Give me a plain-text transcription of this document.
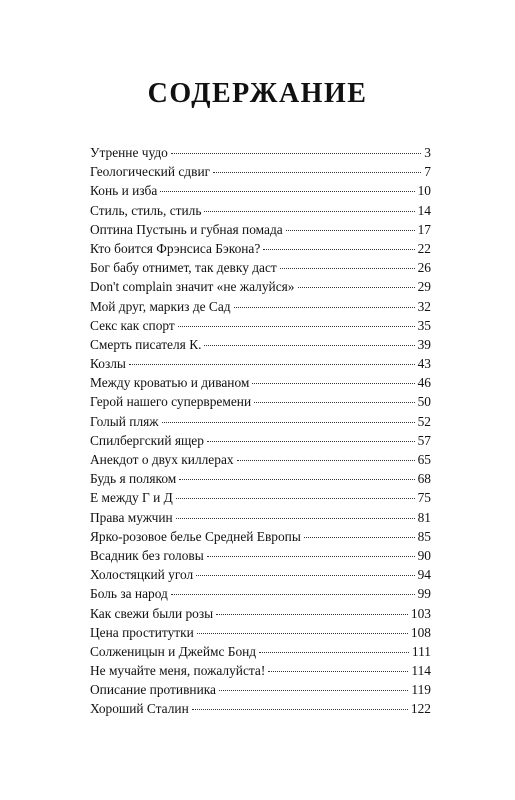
СОДЕРЖАНИЕ
Утренне чудо	3
Геологический сдвиг	7
Конь и изба	10
Стиль, стиль, стиль	14
Оптина Пустынь и губная помада	17
Кто боится Фрэнсиса Бэкона?	22
Бог бабу отнимет, так девку даст	26
Don't complain значит «не жалуйся»	29
Мой друг, маркиз де Сад	32
Секс как спорт	35
Смерть писателя К.	39
Козлы	43
Между кроватью и диваном	46
Герой нашего супервремени	50
Голый пляж	52
Спилбергский ящер	57
Анекдот о двух киллерах	65
Будь я поляком	68
Е между Г и Д	75
Права мужчин	81
Ярко-розовое белье Средней Европы	85
Всадник без головы	90
Холостяцкий угол	94
Боль за народ	99
Как свежи были розы	103
Цена проститутки	108
Солженицын и Джеймс Бонд	111
Не мучайте меня, пожалуйста!	114
Описание противника	119
Хороший Сталин	122
